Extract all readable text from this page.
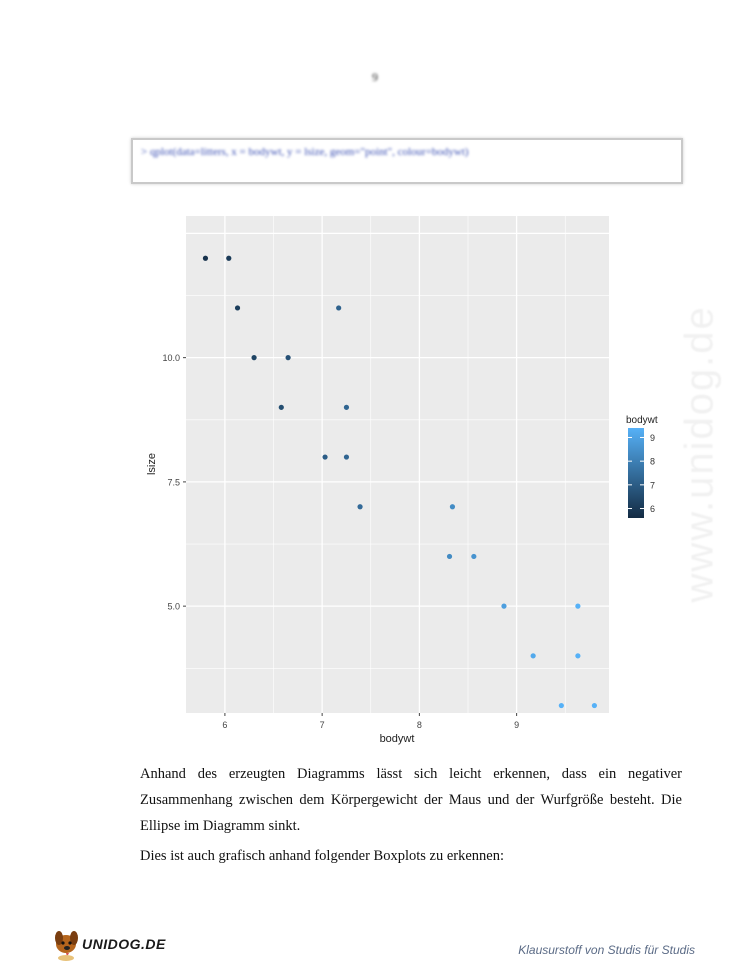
9
> qplot(data=litters, x = bodywt, y = lsize, geom="point", colour=bodywt)
www.unidog.de
5.0
7.5
10.0
6	7	8	9
bodywt
lsize
bodywt
9
8
7
6
Anhand des erzeugten Diagramms lässt sich leicht erkennen, dass ein negativer Zusammenhang zwischen dem Körpergewicht der Maus und der Wurfgröße besteht. Die Ellipse im Diagramm sinkt.
Dies ist auch grafisch anhand folgender Boxplots zu erkennen:
UNIDOG.DE	Klausurstoff von Studis für Studis
